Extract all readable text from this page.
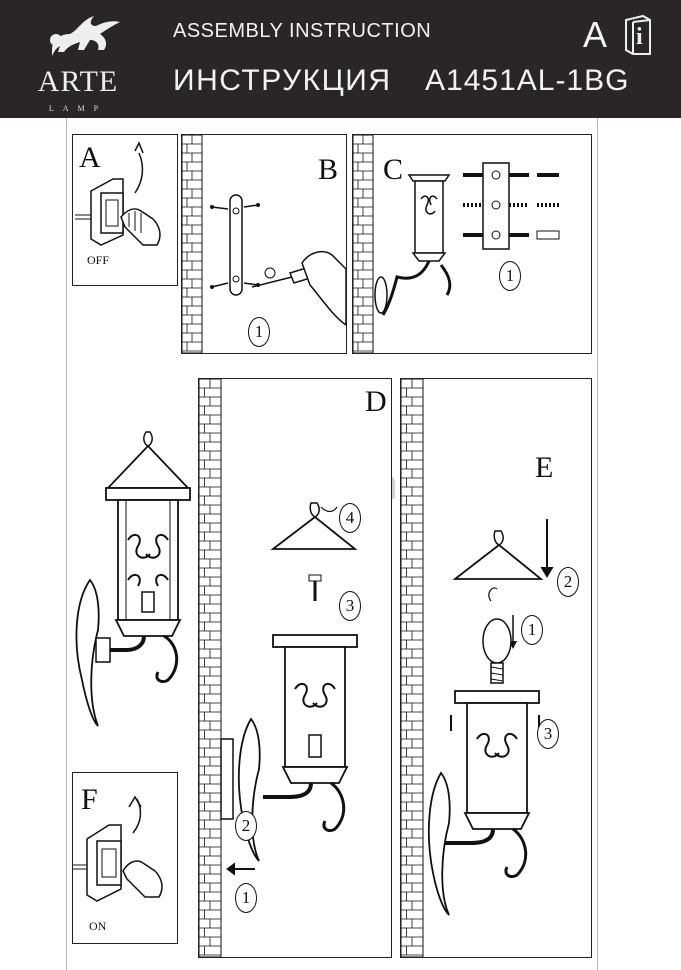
ARTE
LAMP
ASSEMBLY INSTRUCTION
ИНСТРУКЦИЯ A1451AL-1BG
A i
A
OFF
B
1
C
1
D
4
3
2
1
E
2
1
3
F
ON
